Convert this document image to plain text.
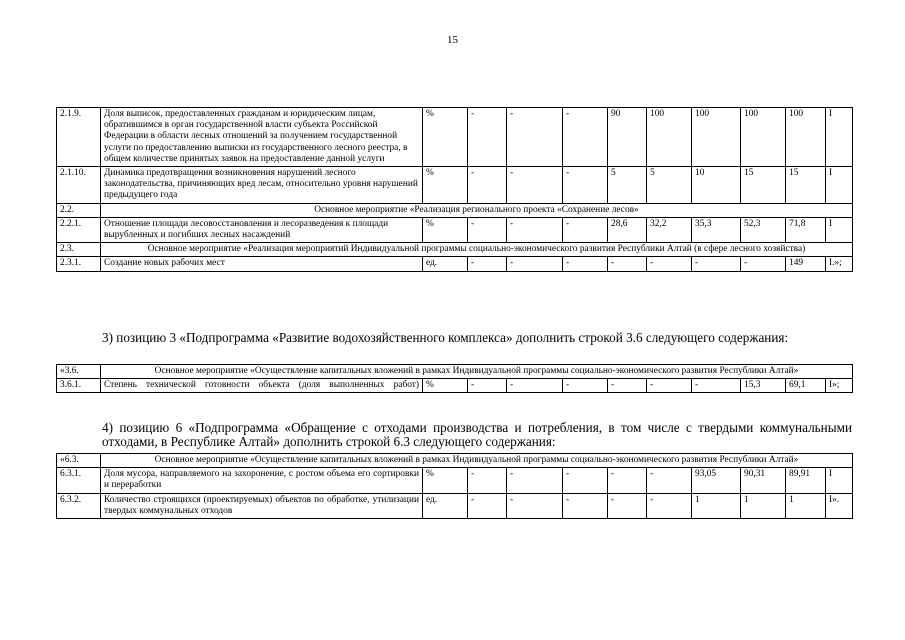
15
2.1.9.	Доля выписок, предоставленных гражданам и юридическим лицам, обратившимся в орган государственной власти субъекта Российской Федерации в области лесных отношений за получением государственной услуги по предоставлению выписки из государственного лесного реестра, в общем количестве принятых заявок на предоставление данной услуги	%	-	-	-	90	100	100	100	100	I
2.1.10.	Динамика предотвращения возникновения нарушений лесного законодательства, причиняющих вред лесам, относительно уровня нарушений предыдущего года	%	-	-	-	5	5	10	15	15	I
2.2.	Основное мероприятие «Реализация регионального проекта «Сохранение лесов»										
2.2.1.	Отношение площади лесовосстановления и лесоразведения к площади вырубленных и погибших лесных насаждений	%	-	-	-	28,6	32,2	35,3	52,3	71,8	I
2.3.	Основное мероприятие «Реализация мероприятий Индивидуальной программы социально-экономического развития Республики Алтай (в сфере лесного хозяйства)										
2.3.1.	Создание новых рабочих мест	ед.	-	-	-	-	-	-	-	149	I.»;
3) позицию 3 «Подпрограмма «Развитие водохозяйственного комплекса» дополнить строкой 3.6 следующего содержания:
«3.6.	Основное мероприятие «Осуществление капитальных вложений в рамках Индивидуальной программы социально-экономического развития Республики Алтай»										
3.6.1.	Степень технической готовности объекта (доля выполненных работ)	%	-	-	-	-	-	-	15,3	69,1	I»;
4) позицию 6 «Подпрограмма «Обращение с отходами производства и потребления, в том числе с твердыми коммунальными отходами, в Республике Алтай» дополнить строкой 6.3 следующего содержания:
«6.3.	Основное мероприятие «Осуществление капитальных вложений в рамках Индивидуальной программы социально-экономического развития Республики Алтай»										
6.3.1.	Доля мусора, направляемого на захоронение, с ростом объема его сортировки и переработки	%	-	-	-	-	-	93,05	90,31	89,91	I
6.3.2.	Количество строящихся (проектируемых) объектов по обработке, утилизации твердых коммунальных отходов	ед.	-	-	-	-	-	1	1	1	I».
